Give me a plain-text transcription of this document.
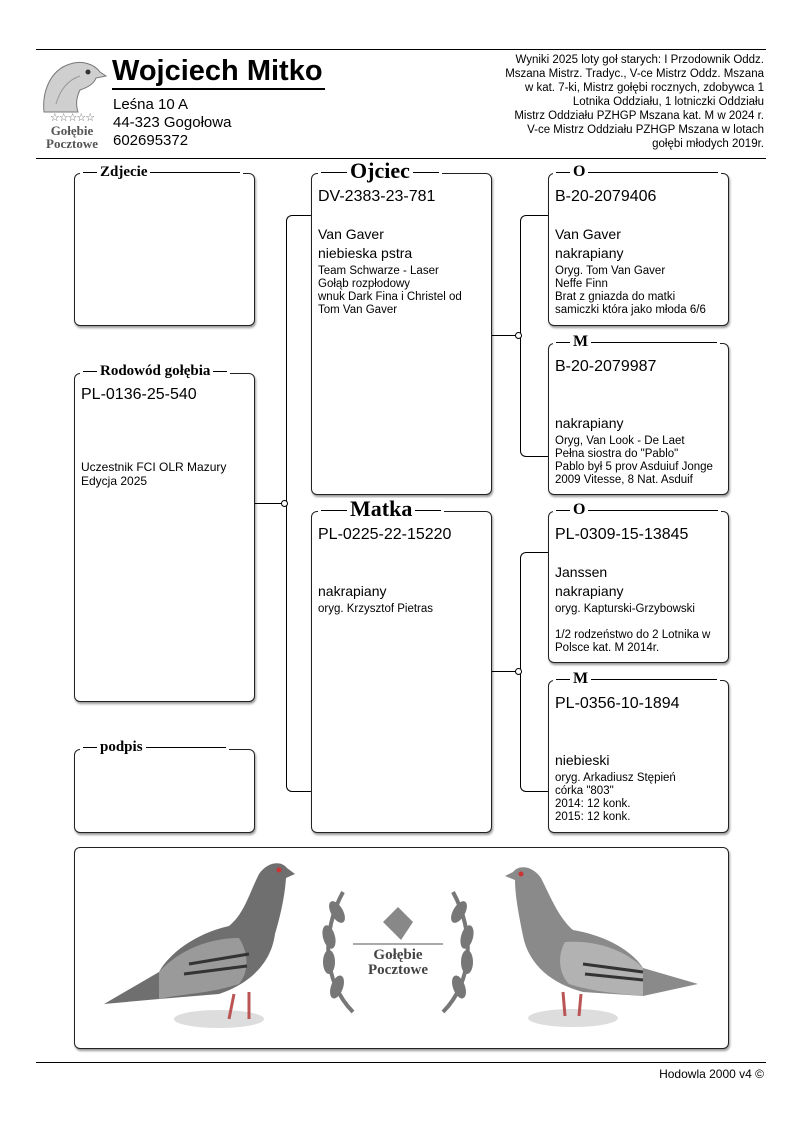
☆☆☆☆☆
Gołębie
Pocztowe
Wojciech Mitko
Leśna 10 A
44-323 Gogołowa
602695372
Wyniki 2025 loty goł starych: I Przodownik Oddz.
Mszana Mistrz. Tradyc., V-ce Mistrz Oddz. Mszana
w kat. 7-ki, Mistrz gołębi rocznych, zdobywca 1
Lotnika Oddziału, 1 lotniczki Oddziału
Mistrz Oddziału PZHGP Mszana kat. M w 2024 r.
V-ce Mistrz Oddziału PZHGP Mszana w lotach
gołębi młodych 2019r.
Zdjecie
PL-0136-25-540
Uczestnik FCI OLR Mazury
Edycja 2025
Rodowód gołębia
podpis
DV-2383-23-781
Van Gaver
niebieska pstra
Team Schwarze - Laser
Gołąb rozpłodowy
wnuk Dark Fina i Christel od
Tom Van Gaver
Ojciec
PL-0225-22-15220
nakrapiany
oryg. Krzysztof Pietras
Matka
B-20-2079406
Van Gaver
nakrapiany
Oryg. Tom Van Gaver
Neffe Finn
Brat z gniazda do matki
samiczki która jako młoda 6/6
O
B-20-2079987
nakrapiany
Oryg, Van Look - De Laet
Pełna siostra do "Pablo"
Pablo był 5 prov Asduiuf Jonge
2009 Vitesse, 8 Nat. Asduif
M
PL-0309-15-13845
Janssen
nakrapiany
oryg. Kapturski-Grzybowski
1/2 rodzeństwo do 2 Lotnika w
Polsce kat. M 2014r.
O
PL-0356-10-1894
niebieski
oryg. Arkadiusz Stępień
córka "803"
2014: 12 konk.
2015: 12 konk.
M
Gołębie
Pocztowe
Hodowla 2000 v4 ©
